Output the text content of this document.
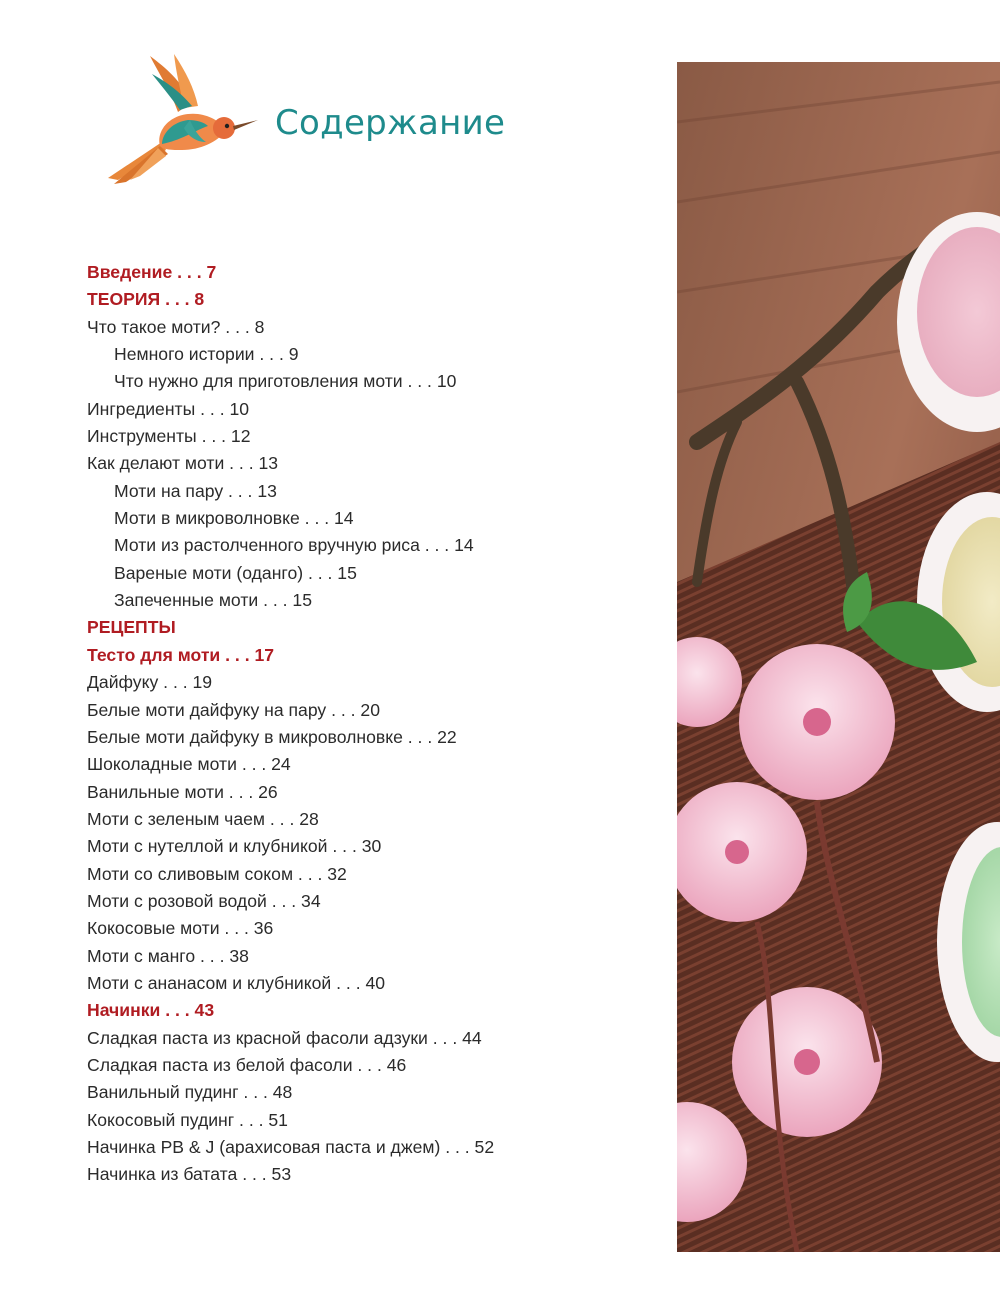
Содержание
Введение . . . 7
ТЕОРИЯ . . . 8
Что такое моти? . . . 8
Немного истории . . . 9
Что нужно для приготовления моти . . . 10
Ингредиенты . . . 10
Инструменты . . . 12
Как делают моти . . . 13
Моти на пару . . . 13
Моти в микроволновке . . . 14
Моти из растолченного вручную риса . . . 14
Вареные моти (оданго) . . . 15
Запеченные моти . . . 15
РЕЦЕПТЫ
Тесто для моти . . . 17
Дайфуку . . . 19
Белые моти дайфуку на пару . . . 20
Белые моти дайфуку в микроволновке . . . 22
Шоколадные моти . . . 24
Ванильные моти . . . 26
Моти с зеленым чаем . . . 28
Моти с нутеллой и клубникой . . . 30
Моти со сливовым соком . . . 32
Моти с розовой водой . . . 34
Кокосовые моти . . . 36
Моти с манго . . . 38
Моти с ананасом и клубникой . . . 40
Начинки . . . 43
Сладкая паста из красной фасоли адзуки . . . 44
Сладкая паста из белой фасоли . . . 46
Ванильный пудинг . . . 48
Кокосовый пудинг . . . 51
Начинка PB & J (арахисовая паста и джем) . . . 52
Начинка из батата . . . 53
